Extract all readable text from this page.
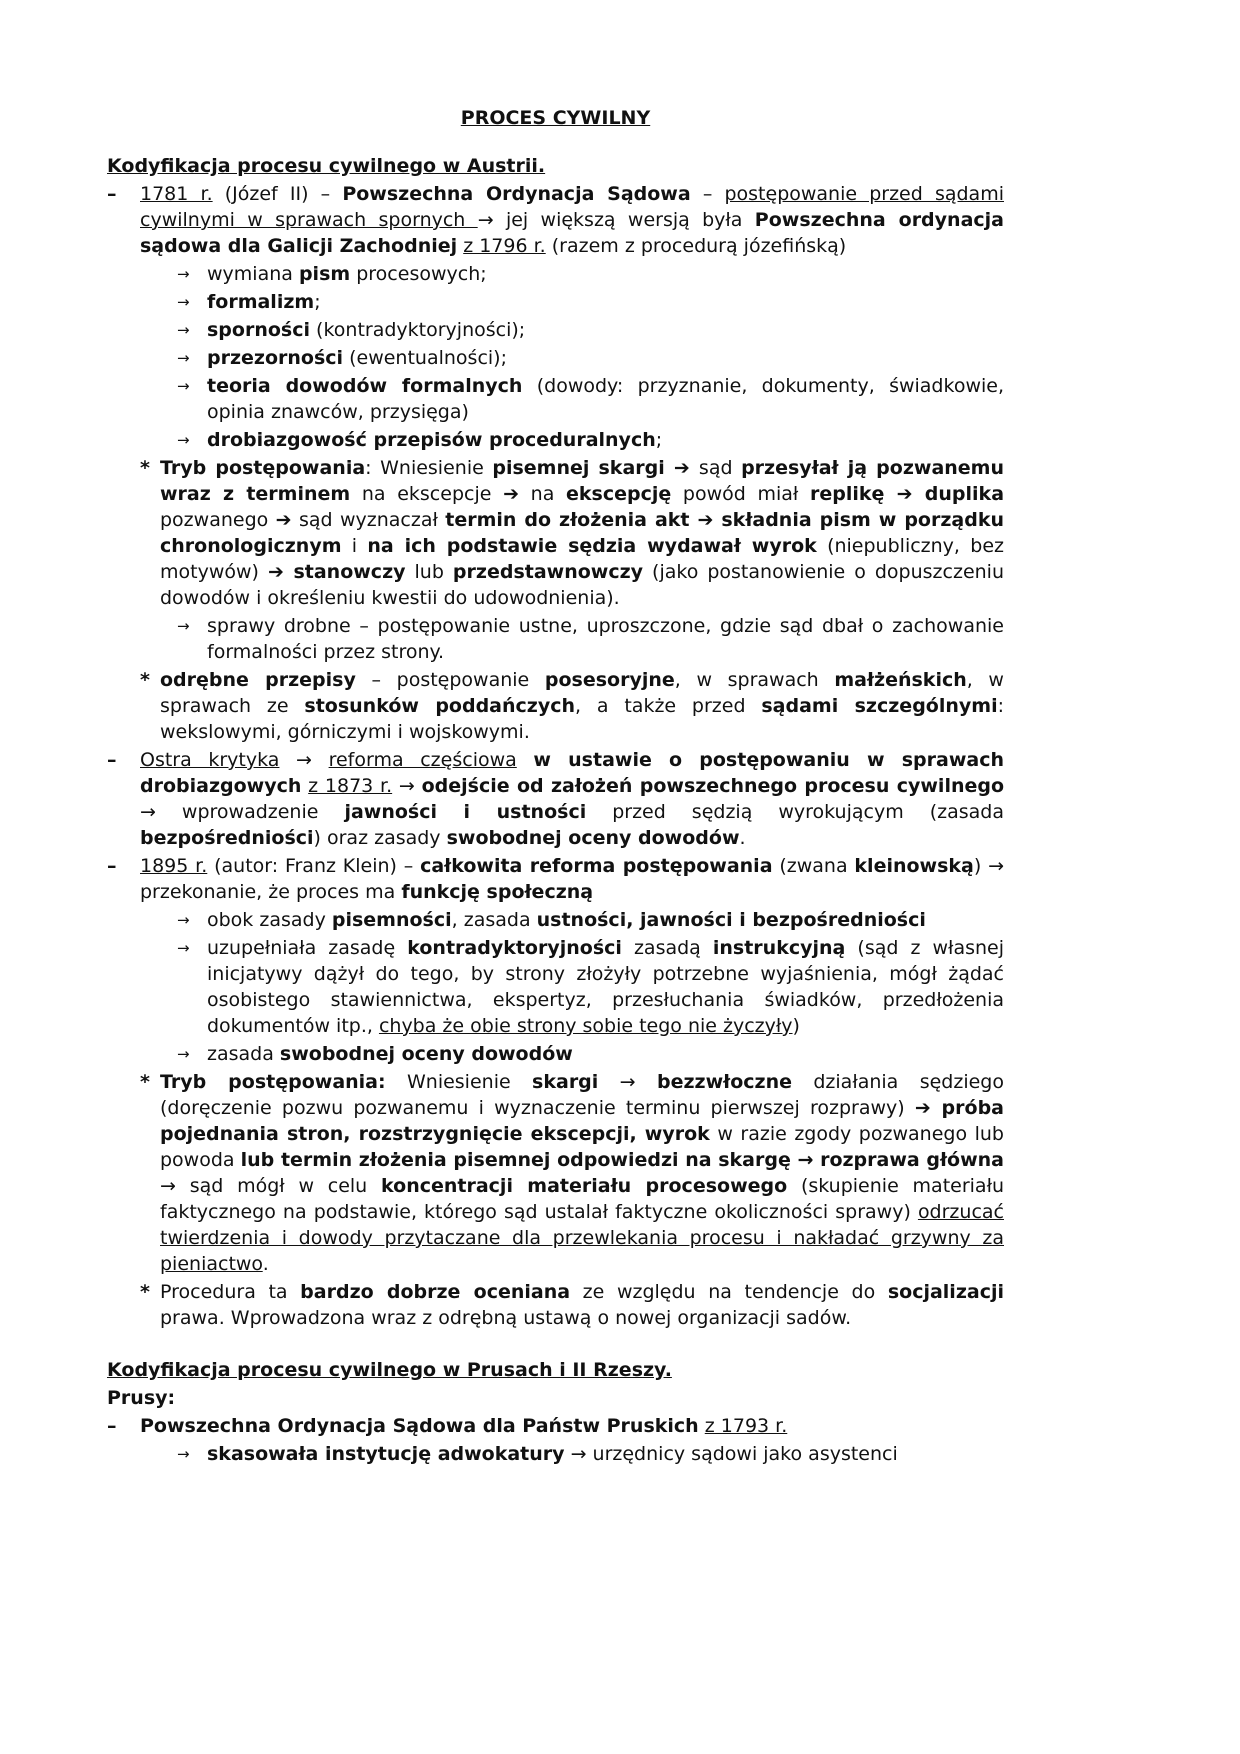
PROCES CYWILNY
Kodyfikacja procesu cywilnego w Austrii.
– 1781 r. (Józef II) – Powszechna Ordynacja Sądowa – postępowanie przed sądami cywilnymi w sprawach spornych → jej większą wersją była Powszechna ordynacja sądowa dla Galicji Zachodniej z 1796 r. (razem z procedurą józefińską)
→ wymiana pism procesowych;
→ formalizm;
→ sporności (kontradyktoryjności);
→ przezorności (ewentualności);
→ teoria dowodów formalnych (dowody: przyznanie, dokumenty, świadkowie, opinia znawców, przysięga)
→ drobiazgowość przepisów proceduralnych;
* Tryb postępowania: Wniesienie pisemnej skargi ➔ sąd przesyłał ją pozwanemu wraz z terminem na ekscepcje ➔ na ekscepcję powód miał replikę ➔ duplika pozwanego ➔ sąd wyznaczał termin do złożenia akt ➔ składnia pism w porządku chronologicznym i na ich podstawie sędzia wydawał wyrok (niepubliczny, bez motywów) ➔ stanowczy lub przedstawnowczy (jako postanowienie o dopuszczeniu dowodów i określeniu kwestii do udowodnienia).
→ sprawy drobne – postępowanie ustne, uproszczone, gdzie sąd dbał o zachowanie formalności przez strony.
* odrębne przepisy – postępowanie posesoryjne, w sprawach małżeńskich, w sprawach ze stosunków poddańczych, a także przed sądami szczególnymi: wekslowymi, górniczymi i wojskowymi.
– Ostra krytyka → reforma częściowa w ustawie o postępowaniu w sprawach drobiazgowych z 1873 r. → odejście od założeń powszechnego procesu cywilnego → wprowadzenie jawności i ustności przed sędzią wyrokującym (zasada bezpośredniości) oraz zasady swobodnej oceny dowodów.
– 1895 r. (autor: Franz Klein) – całkowita reforma postępowania (zwana kleinowską) → przekonanie, że proces ma funkcję społeczną
→ obok zasady pisemności, zasada ustności, jawności i bezpośredniości
→ uzupełniała zasadę kontradyktoryjności zasadą instrukcyjną (sąd z własnej inicjatywy dążył do tego, by strony złożyły potrzebne wyjaśnienia, mógł żądać osobistego stawiennictwa, ekspertyz, przesłuchania świadków, przedłożenia dokumentów itp., chyba że obie strony sobie tego nie życzyły)
→ zasada swobodnej oceny dowodów
* Tryb postępowania: Wniesienie skargi → bezzwłoczne działania sędziego (doręczenie pozwu pozwanemu i wyznaczenie terminu pierwszej rozprawy) ➔ próba pojednania stron, rozstrzygnięcie ekscepcji, wyrok w razie zgody pozwanego lub powoda lub termin złożenia pisemnej odpowiedzi na skargę → rozprawa główna → sąd mógł w celu koncentracji materiału procesowego (skupienie materiału faktycznego na podstawie, którego sąd ustalał faktyczne okoliczności sprawy) odrzucać twierdzenia i dowody przytaczane dla przewlekania procesu i nakładać grzywny za pieniactwo.
* Procedura ta bardzo dobrze oceniana ze względu na tendencje do socjalizacji prawa. Wprowadzona wraz z odrębną ustawą o nowej organizacji sadów.
Kodyfikacja procesu cywilnego w Prusach i II Rzeszy.
Prusy:
– Powszechna Ordynacja Sądowa dla Państw Pruskich z 1793 r.
→ skasowała instytucję adwokatury → urzędnicy sądowi jako asystenci
